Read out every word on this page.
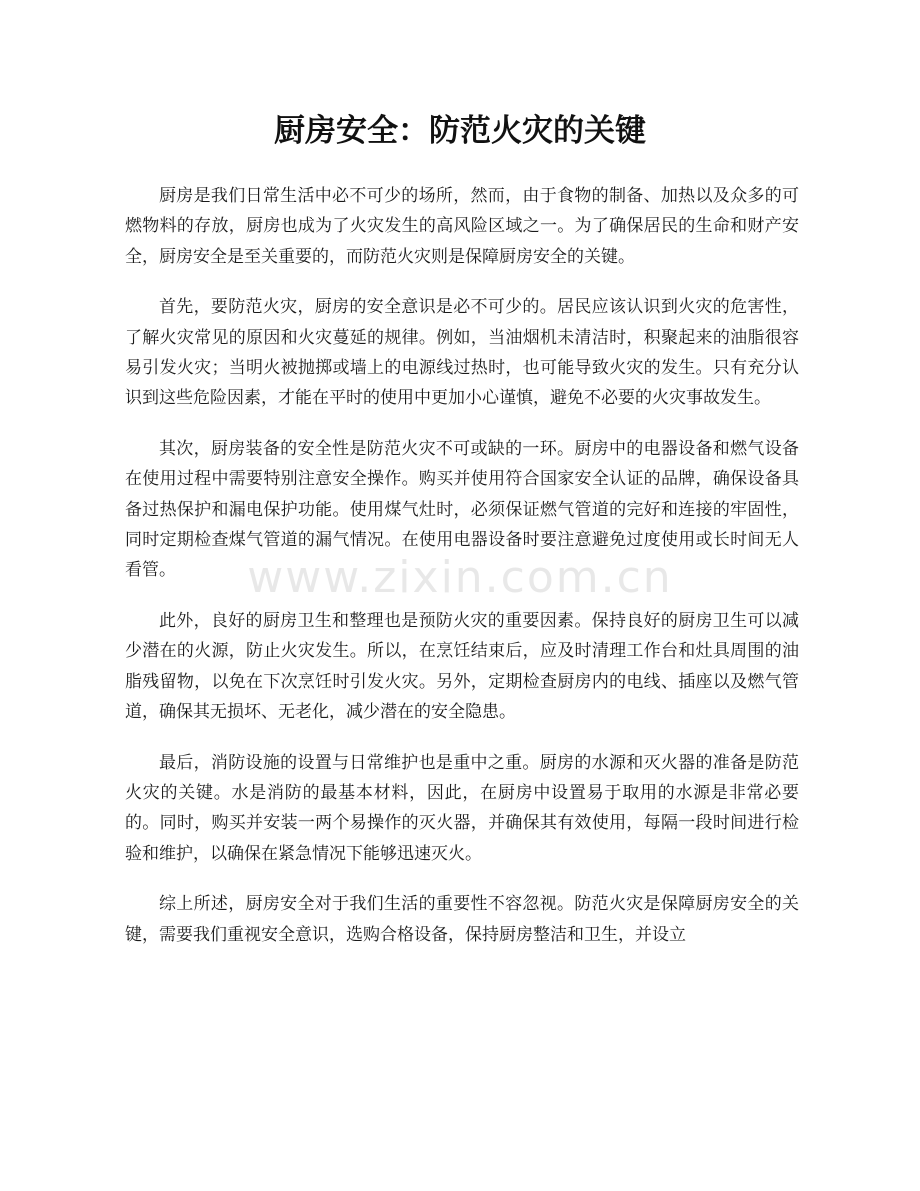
厨房安全：防范火灾的关键

厨房是我们日常生活中必不可少的场所，然而，由于食物的制备、加热以及众多的可燃物料的存放，厨房也成为了火灾发生的高风险区域之一。为了确保居民的生命和财产安全，厨房安全是至关重要的，而防范火灾则是保障厨房安全的关键。

首先，要防范火灾，厨房的安全意识是必不可少的。居民应该认识到火灾的危害性，了解火灾常见的原因和火灾蔓延的规律。例如，当油烟机未清洁时，积聚起来的油脂很容易引发火灾；当明火被抛掷或墙上的电源线过热时，也可能导致火灾的发生。只有充分认识到这些危险因素，才能在平时的使用中更加小心谨慎，避免不必要的火灾事故发生。

其次，厨房装备的安全性是防范火灾不可或缺的一环。厨房中的电器设备和燃气设备在使用过程中需要特别注意安全操作。购买并使用符合国家安全认证的品牌，确保设备具备过热保护和漏电保护功能。使用煤气灶时，必须保证燃气管道的完好和连接的牢固性，同时定期检查煤气管道的漏气情况。在使用电器设备时要注意避免过度使用或长时间无人看管。

此外，良好的厨房卫生和整理也是预防火灾的重要因素。保持良好的厨房卫生可以减少潜在的火源，防止火灾发生。所以，在烹饪结束后，应及时清理工作台和灶具周围的油脂残留物，以免在下次烹饪时引发火灾。另外，定期检查厨房内的电线、插座以及燃气管道，确保其无损坏、无老化，减少潜在的安全隐患。

最后，消防设施的设置与日常维护也是重中之重。厨房的水源和灭火器的准备是防范火灾的关键。水是消防的最基本材料，因此，在厨房中设置易于取用的水源是非常必要的。同时，购买并安装一两个易操作的灭火器，并确保其有效使用，每隔一段时间进行检验和维护，以确保在紧急情况下能够迅速灭火。

综上所述，厨房安全对于我们生活的重要性不容忽视。防范火灾是保障厨房安全的关键，需要我们重视安全意识，选购合格设备，保持厨房整洁和卫生，并设立

www.zixin.com.cn
